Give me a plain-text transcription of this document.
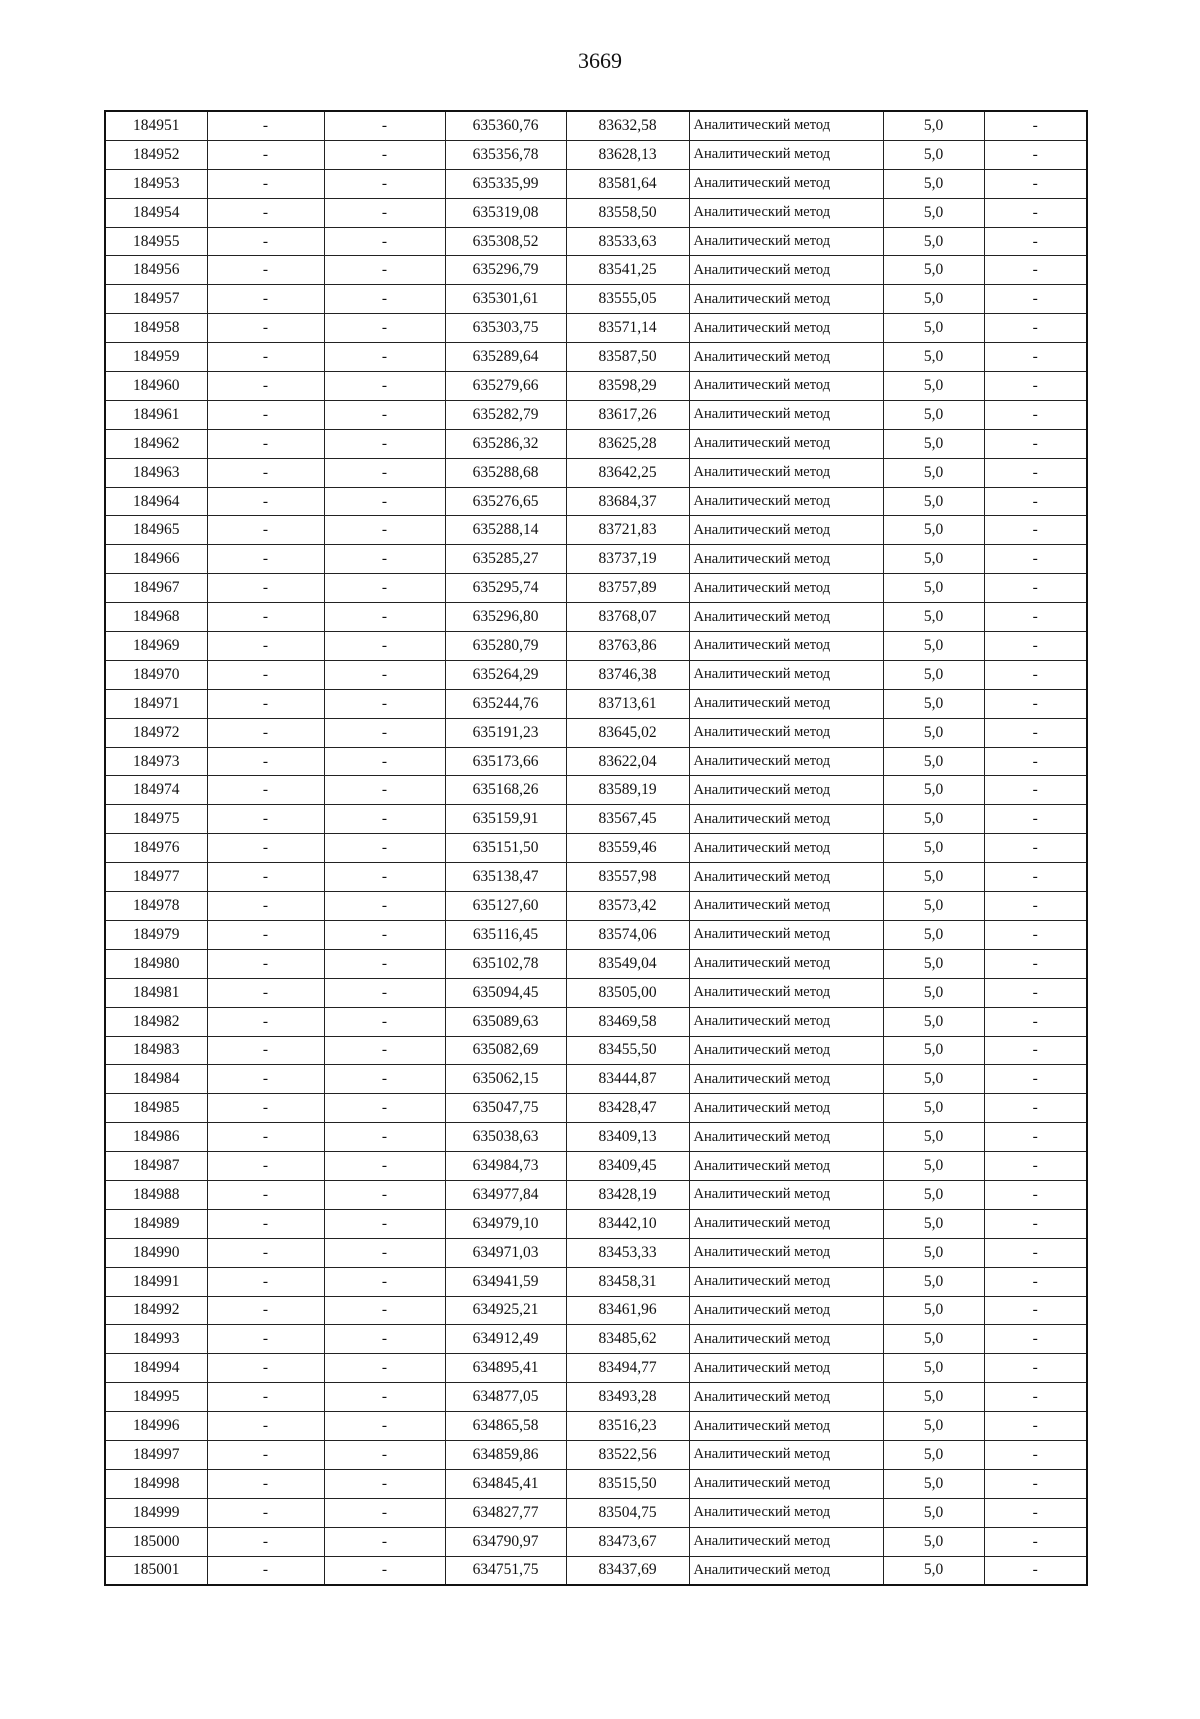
3669
184951	-	-	635360,76	83632,58	Аналитический метод	5,0	-
184952	-	-	635356,78	83628,13	Аналитический метод	5,0	-
184953	-	-	635335,99	83581,64	Аналитический метод	5,0	-
184954	-	-	635319,08	83558,50	Аналитический метод	5,0	-
184955	-	-	635308,52	83533,63	Аналитический метод	5,0	-
184956	-	-	635296,79	83541,25	Аналитический метод	5,0	-
184957	-	-	635301,61	83555,05	Аналитический метод	5,0	-
184958	-	-	635303,75	83571,14	Аналитический метод	5,0	-
184959	-	-	635289,64	83587,50	Аналитический метод	5,0	-
184960	-	-	635279,66	83598,29	Аналитический метод	5,0	-
184961	-	-	635282,79	83617,26	Аналитический метод	5,0	-
184962	-	-	635286,32	83625,28	Аналитический метод	5,0	-
184963	-	-	635288,68	83642,25	Аналитический метод	5,0	-
184964	-	-	635276,65	83684,37	Аналитический метод	5,0	-
184965	-	-	635288,14	83721,83	Аналитический метод	5,0	-
184966	-	-	635285,27	83737,19	Аналитический метод	5,0	-
184967	-	-	635295,74	83757,89	Аналитический метод	5,0	-
184968	-	-	635296,80	83768,07	Аналитический метод	5,0	-
184969	-	-	635280,79	83763,86	Аналитический метод	5,0	-
184970	-	-	635264,29	83746,38	Аналитический метод	5,0	-
184971	-	-	635244,76	83713,61	Аналитический метод	5,0	-
184972	-	-	635191,23	83645,02	Аналитический метод	5,0	-
184973	-	-	635173,66	83622,04	Аналитический метод	5,0	-
184974	-	-	635168,26	83589,19	Аналитический метод	5,0	-
184975	-	-	635159,91	83567,45	Аналитический метод	5,0	-
184976	-	-	635151,50	83559,46	Аналитический метод	5,0	-
184977	-	-	635138,47	83557,98	Аналитический метод	5,0	-
184978	-	-	635127,60	83573,42	Аналитический метод	5,0	-
184979	-	-	635116,45	83574,06	Аналитический метод	5,0	-
184980	-	-	635102,78	83549,04	Аналитический метод	5,0	-
184981	-	-	635094,45	83505,00	Аналитический метод	5,0	-
184982	-	-	635089,63	83469,58	Аналитический метод	5,0	-
184983	-	-	635082,69	83455,50	Аналитический метод	5,0	-
184984	-	-	635062,15	83444,87	Аналитический метод	5,0	-
184985	-	-	635047,75	83428,47	Аналитический метод	5,0	-
184986	-	-	635038,63	83409,13	Аналитический метод	5,0	-
184987	-	-	634984,73	83409,45	Аналитический метод	5,0	-
184988	-	-	634977,84	83428,19	Аналитический метод	5,0	-
184989	-	-	634979,10	83442,10	Аналитический метод	5,0	-
184990	-	-	634971,03	83453,33	Аналитический метод	5,0	-
184991	-	-	634941,59	83458,31	Аналитический метод	5,0	-
184992	-	-	634925,21	83461,96	Аналитический метод	5,0	-
184993	-	-	634912,49	83485,62	Аналитический метод	5,0	-
184994	-	-	634895,41	83494,77	Аналитический метод	5,0	-
184995	-	-	634877,05	83493,28	Аналитический метод	5,0	-
184996	-	-	634865,58	83516,23	Аналитический метод	5,0	-
184997	-	-	634859,86	83522,56	Аналитический метод	5,0	-
184998	-	-	634845,41	83515,50	Аналитический метод	5,0	-
184999	-	-	634827,77	83504,75	Аналитический метод	5,0	-
185000	-	-	634790,97	83473,67	Аналитический метод	5,0	-
185001	-	-	634751,75	83437,69	Аналитический метод	5,0	-
